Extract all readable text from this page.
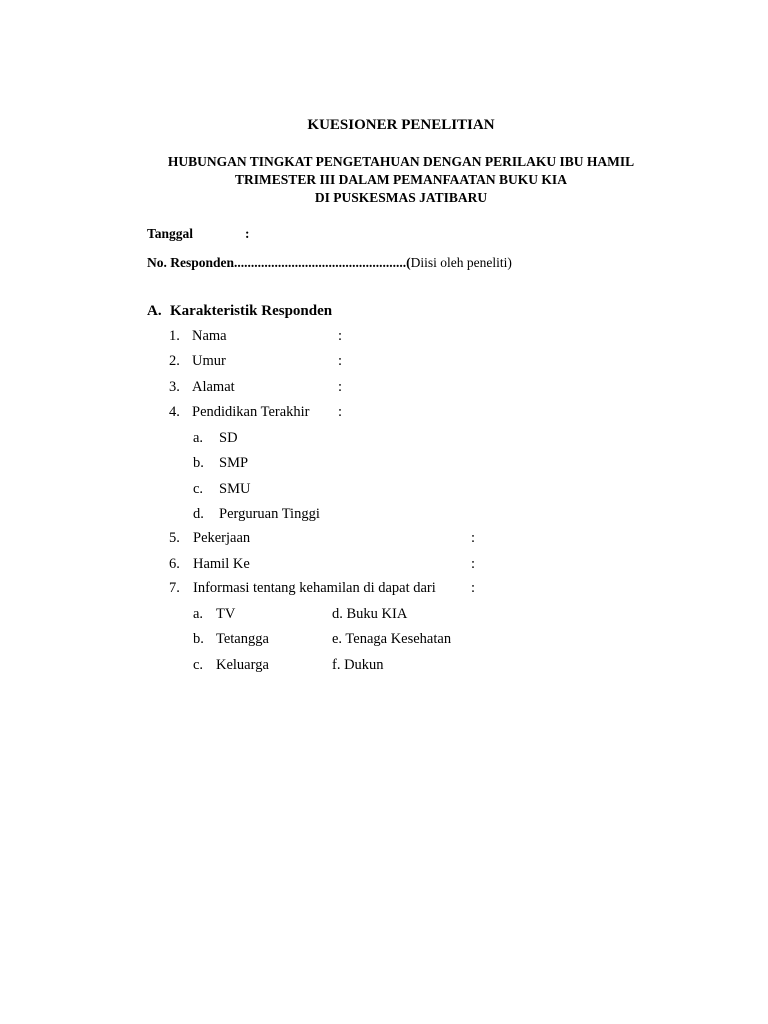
KUESIONER PENELITIAN
HUBUNGAN TINGKAT PENGETAHUAN DENGAN PERILAKU IBU HAMIL
TRIMESTER III DALAM PEMANFAATAN BUKU KIA
DI PUSKESMAS JATIBARU
Tanggal	:
No. Responden...................................................(Diisi oleh peneliti)
A. Karakteristik Responden
1. Nama	:
2. Umur	:
3. Alamat	:
4. Pendidikan Terakhir :
a. SD
b. SMP
c. SMU
d. Perguruan Tinggi
5. Pekerjaan	:
6. Hamil Ke	:
7. Informasi tentang kehamilan di dapat dari :
a. TV	d. Buku KIA
b. Tetangga	e. Tenaga Kesehatan
c. Keluarga	f. Dukun
